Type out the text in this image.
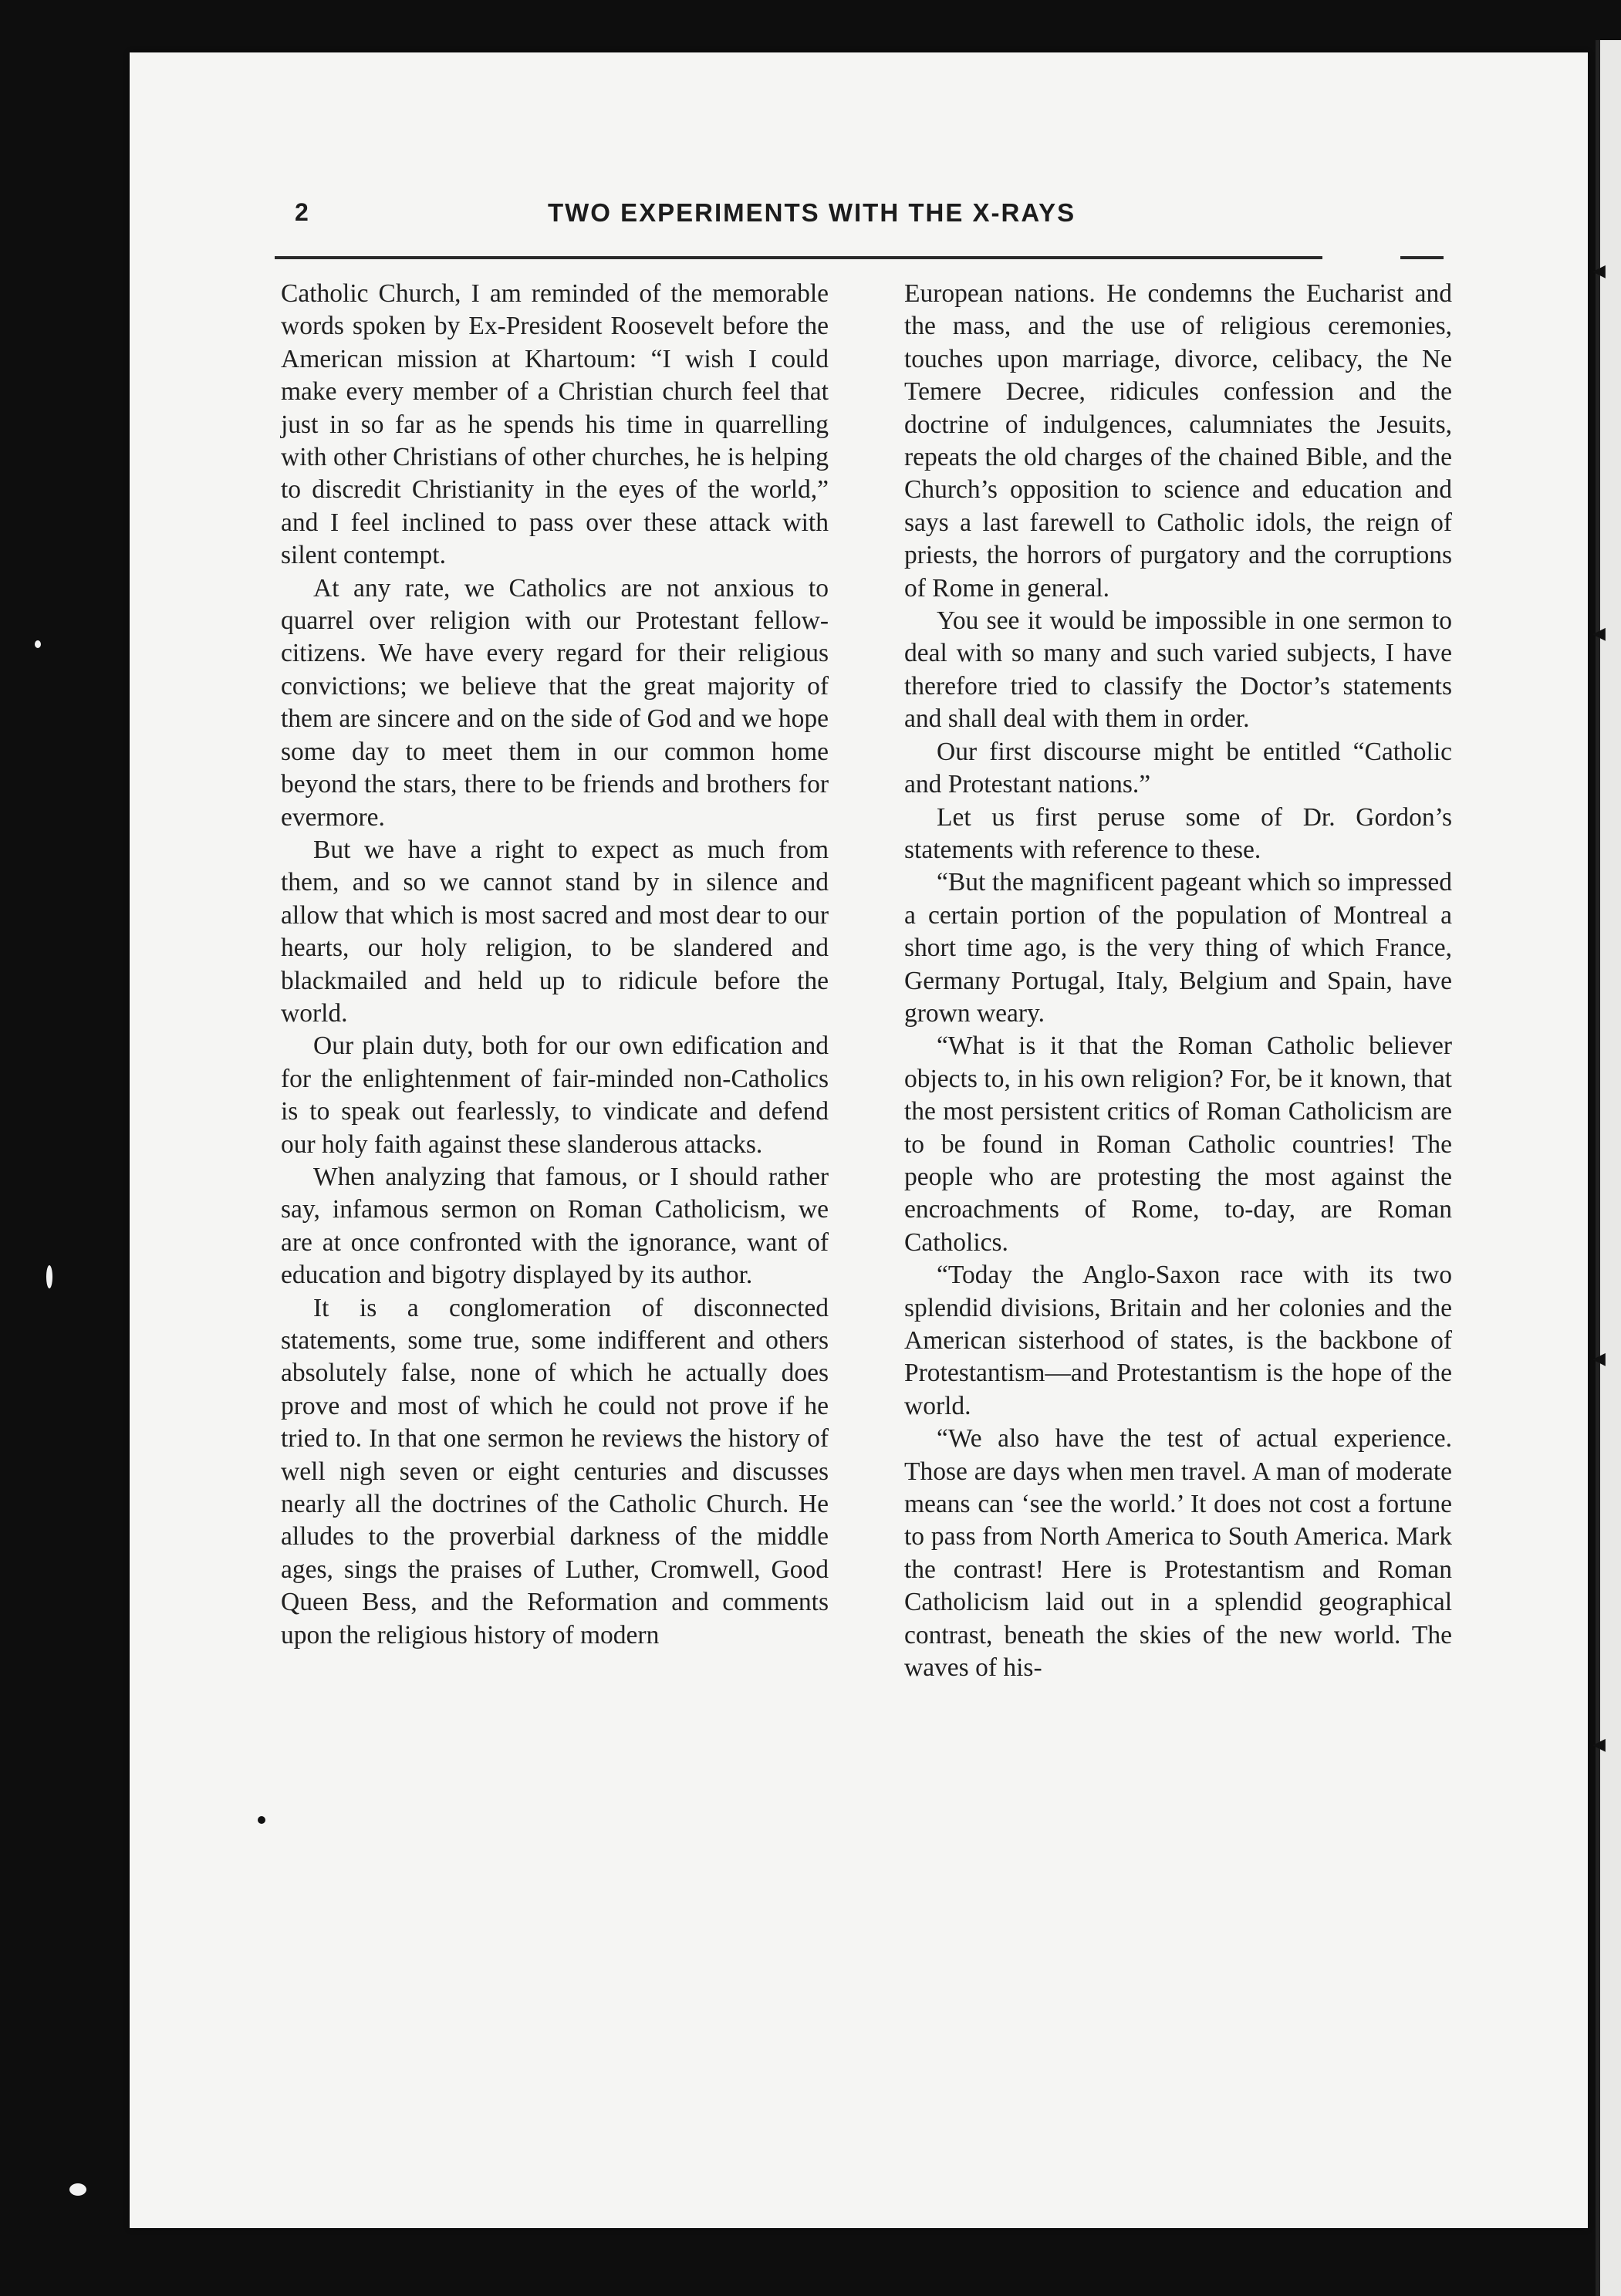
◀
◀
◀
◀
2	TWO EXPERIMENTS WITH THE X-RAYS

Catholic Church, I am reminded of the memorable words spoken by Ex-President Roosevelt before the American mission at Khartoum: “I wish I could make every member of a Christian church feel that just in so far as he spends his time in quarrelling with other Christians of other churches, he is helping to discredit Christianity in the eyes of the world,” and I feel inclined to pass over these attack with silent contempt.

At any rate, we Catholics are not anxious to quarrel over religion with our Protestant fellow-citizens. We have every regard for their religious convictions; we believe that the great majority of them are sincere and on the side of God and we hope some day to meet them in our common home beyond the stars, there to be friends and brothers for evermore.

But we have a right to expect as much from them, and so we cannot stand by in silence and allow that which is most sacred and most dear to our hearts, our holy religion, to be slandered and blackmailed and held up to ridicule before the world.

Our plain duty, both for our own edification and for the enlightenment of fair-minded non-Catholics is to speak out fearlessly, to vindicate and defend our holy faith against these slanderous attacks.

When analyzing that famous, or I should rather say, infamous sermon on Roman Catholicism, we are at once confronted with the ignorance, want of education and bigotry displayed by its author.

It is a conglomeration of disconnected statements, some true, some indifferent and others absolutely false, none of which he actually does prove and most of which he could not prove if he tried to. In that one sermon he reviews the history of well nigh seven or eight centuries and discusses nearly all the doctrines of the Catholic Church. He alludes to the proverbial darkness of the middle ages, sings the praises of Luther, Cromwell, Good Queen Bess, and the Reformation and comments upon the religious history of modern

European nations. He condemns the Eucharist and the mass, and the use of religious ceremonies, touches upon marriage, divorce, celibacy, the Ne Temere Decree, ridicules confession and the doctrine of indulgences, calumniates the Jesuits, repeats the old charges of the chained Bible, and the Church’s opposition to science and education and says a last farewell to Catholic idols, the reign of priests, the horrors of purgatory and the corruptions of Rome in general.

You see it would be impossible in one sermon to deal with so many and such varied subjects, I have therefore tried to classify the Doctor’s statements and shall deal with them in order.

Our first discourse might be entitled “Catholic and Protestant nations.”

Let us first peruse some of Dr. Gordon’s statements with reference to these.

“But the magnificent pageant which so impressed a certain portion of the population of Montreal a short time ago, is the very thing of which France, Germany Portugal, Italy, Belgium and Spain, have grown weary.

“What is it that the Roman Catholic believer objects to, in his own religion? For, be it known, that the most persistent critics of Roman Catholicism are to be found in Roman Catholic countries! The people who are protesting the most against the encroachments of Rome, to-day, are Roman Catholics.

“Today the Anglo-Saxon race with its two splendid divisions, Britain and her colonies and the American sisterhood of states, is the backbone of Protestantism—and Protestantism is the hope of the world.

“We also have the test of actual experience. Those are days when men travel. A man of moderate means can ‘see the world.’ It does not cost a fortune to pass from North America to South America. Mark the contrast! Here is Protestantism and Roman Catholicism laid out in a splendid geographical contrast, beneath the skies of the new world. The waves of his-
